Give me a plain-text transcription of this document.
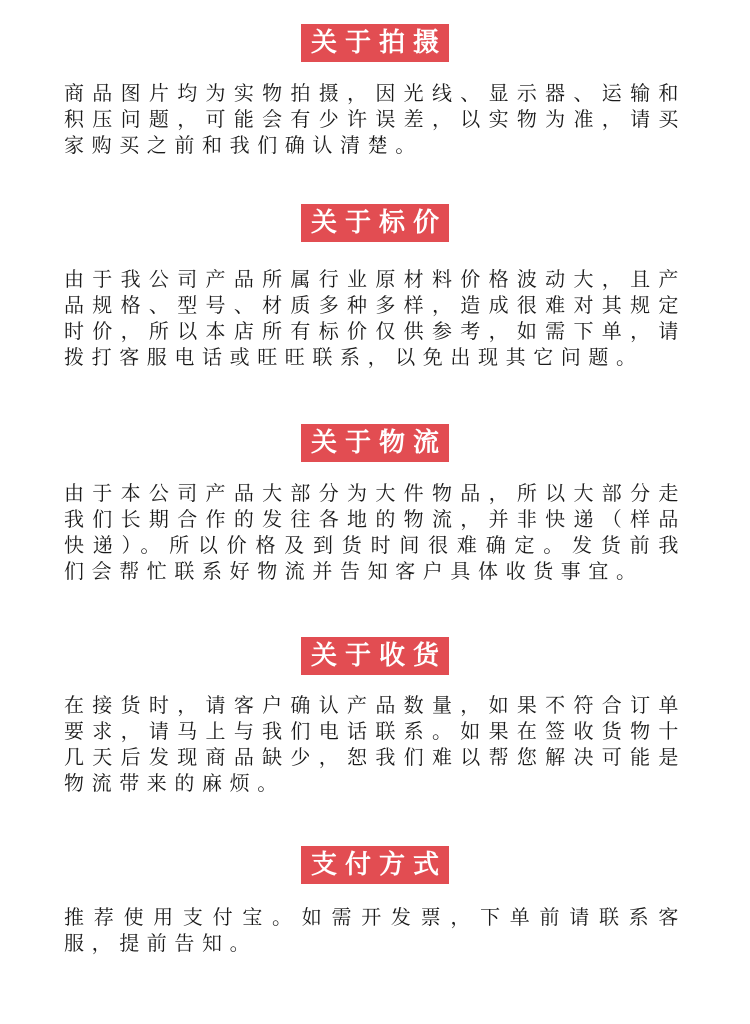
关于拍摄

商品图片均为实物拍摄，因光线、显示器、运输和积压问题，可能会有少许误差，以实物为准，请买家购买之前和我们确认清楚。

关于标价

由于我公司产品所属行业原材料价格波动大，且产品规格、型号、材质多种多样，造成很难对其规定时价，所以本店所有标价仅供参考，如需下单，请拨打客服电话或旺旺联系，以免出现其它问题。

关于物流

由于本公司产品大部分为大件物品，所以大部分走我们长期合作的发往各地的物流，并非快递（样品快递）。所以价格及到货时间很难确定。发货前我们会帮忙联系好物流并告知客户具体收货事宜。

关于收货

在接货时，请客户确认产品数量，如果不符合订单要求，请马上与我们电话联系。如果在签收货物十几天后发现商品缺少，恕我们难以帮您解决可能是物流带来的麻烦。

支付方式

推荐使用支付宝。如需开发票，下单前请联系客服，提前告知。
